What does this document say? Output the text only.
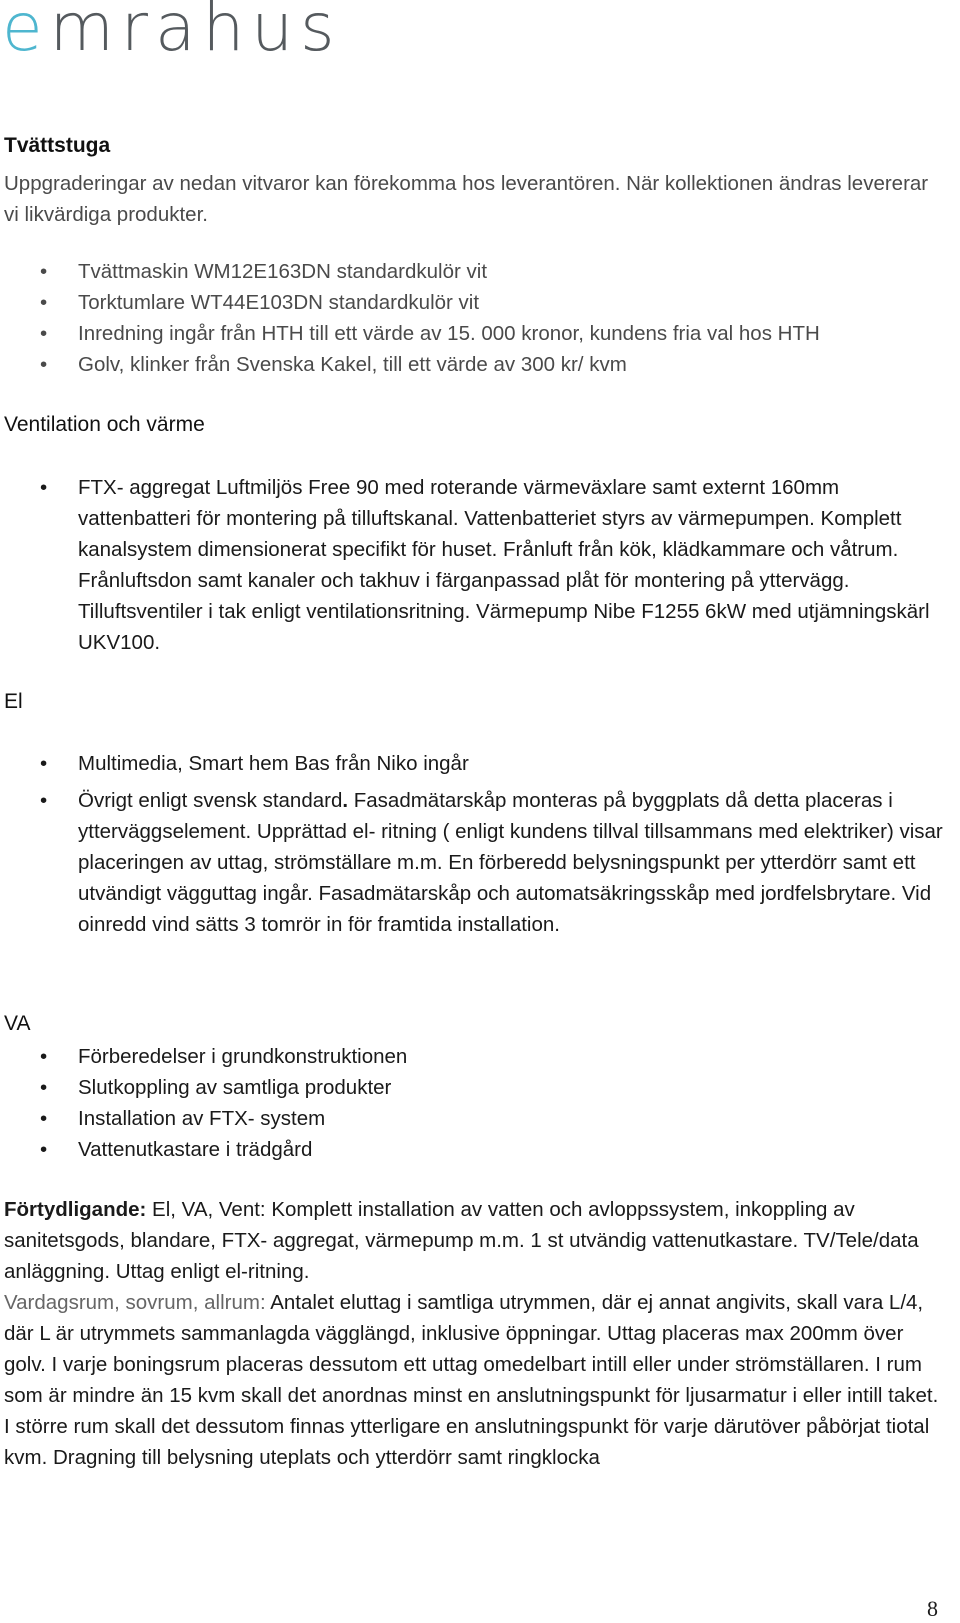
emrahus
Tvättstuga

Uppgraderingar av nedan vitvaror kan förekomma hos leverantören. När kollektionen ändras levererar vi likvärdiga produkter.

• Tvättmaskin WM12E163DN standardkulör vit
• Torktumlare WT44E103DN standardkulör vit
• Inredning ingår från HTH till ett värde av 15. 000 kronor, kundens fria val hos HTH
• Golv, klinker från Svenska Kakel, till ett värde av 300 kr/ kvm
Ventilation och värme
• FTX- aggregat Luftmiljös Free 90 med roterande värmeväxlare samt externt 160mm vattenbatteri för montering på tilluftskanal. Vattenbatteriet styrs av värmepumpen. Komplett kanalsystem dimensionerat specifikt för huset. Frånluft från kök, klädkammare och våtrum. Frånluftsdon samt kanaler och takhuv i färganpassad plåt för montering på yttervägg. Tilluftsventiler i tak enligt ventilationsritning. Värmepump Nibe F1255 6kW med utjämningskärl UKV100.
El
• Multimedia, Smart hem Bas från Niko ingår
• Övrigt enligt svensk standard. Fasadmätarskåp monteras på byggplats då detta placeras i ytterväggselement. Upprättad el- ritning ( enligt kundens tillval tillsammans med elektriker) visar placeringen av uttag, strömställare m.m. En förberedd belysningspunkt per ytterdörr samt ett utvändigt vägguttag ingår. Fasadmätarskåp och automatsäkringsskåp med jordfelsbrytare. Vid oinredd vind sätts 3 tomrör in för framtida installation.
VA
• Förberedelser i grundkonstruktionen
• Slutkoppling av samtliga produkter
• Installation av FTX- system
• Vattenutkastare i trädgård
Förtydligande: El, VA, Vent: Komplett installation av vatten och avloppssystem, inkoppling av sanitetsgods, blandare, FTX- aggregat, värmepump m.m. 1 st utvändig vattenutkastare. TV/Tele/data anläggning. Uttag enligt el-ritning.
Vardagsrum, sovrum, allrum: Antalet eluttag i samtliga utrymmen, där ej annat angivits, skall vara L/4, där L är utrymmets sammanlagda vägglängd, inklusive öppningar. Uttag placeras max 200mm över golv. I varje boningsrum placeras dessutom ett uttag omedelbart intill eller under strömställaren. I rum som är mindre än 15 kvm skall det anordnas minst en anslutningspunkt för ljusarmatur i eller intill taket. I större rum skall det dessutom finnas ytterligare en anslutningspunkt för varje därutöver påbörjat tiotal kvm. Dragning till belysning uteplats och ytterdörr samt ringklocka
8
